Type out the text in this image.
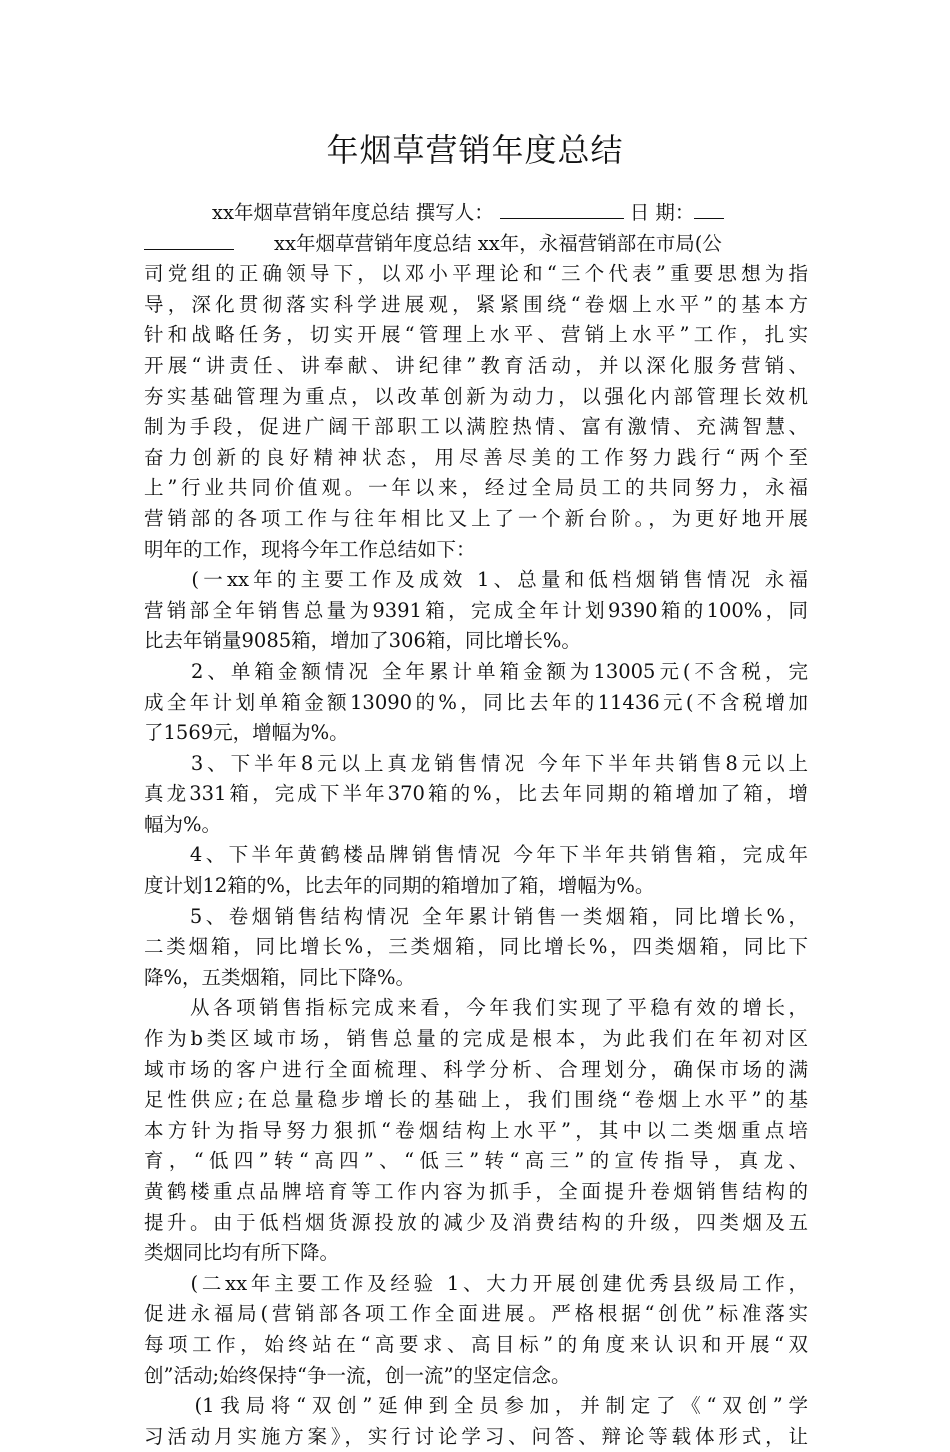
年烟草营销年度总结
xx年烟草营销年度总结 撰写人：	日 期：
xx年烟草营销年度总结 xx年，永福营销部在市局(公
司党组的正确领导下，以邓小平理论和“三个代表”重要思想为指
导，深化贯彻落实科学进展观，紧紧围绕“卷烟上水平”的基本方
针和战略任务，切实开展“管理上水平、营销上水平”工作，扎实
开展“讲责任、讲奉献、讲纪律”教育活动，并以深化服务营销、
夯实基础管理为重点，以改革创新为动力，以强化内部管理长效机
制为手段，促进广阔干部职工以满腔热情、富有激情、充满智慧、
奋力创新的良好精神状态，用尽善尽美的工作努力践行“两个至
上”行业共同价值观。一年以来，经过全局员工的共同努力，永福
营销部的各项工作与往年相比又上了一个新台阶。，为更好地开展
明年的工作，现将今年工作总结如下：
　　(一xx年的主要工作及成效 1、总量和低档烟销售情况 永福
营销部全年销售总量为9391箱，完成全年计划9390箱的100%，同
比去年销量9085箱，增加了306箱，同比增长%。
　　2、单箱金额情况 全年累计单箱金额为13005元(不含税，完
成全年计划单箱金额13090的%，同比去年的11436元(不含税增加
了1569元，增幅为%。
　　3、下半年8元以上真龙销售情况 今年下半年共销售8元以上
真龙331箱，完成下半年370箱的%，比去年同期的箱增加了箱，增
幅为%。
　　4、下半年黄鹤楼品牌销售情况 今年下半年共销售箱，完成年
度计划12箱的%，比去年的同期的箱增加了箱，增幅为%。
　　5、卷烟销售结构情况 全年累计销售一类烟箱，同比增长%，
二类烟箱，同比增长%，三类烟箱，同比增长%，四类烟箱，同比下
降%，五类烟箱，同比下降%。
　　从各项销售指标完成来看，今年我们实现了平稳有效的增长，
作为b类区域市场，销售总量的完成是根本，为此我们在年初对区
域市场的客户进行全面梳理、科学分析、合理划分，确保市场的满
足性供应;在总量稳步增长的基础上，我们围绕“卷烟上水平”的基
本方针为指导努力狠抓“卷烟结构上水平”，其中以二类烟重点培
育，“低四”转“高四”、“低三”转“高三”的宣传指导，真龙、
黄鹤楼重点品牌培育等工作内容为抓手，全面提升卷烟销售结构的
提升。由于低档烟货源投放的减少及消费结构的升级，四类烟及五
类烟同比均有所下降。
　　(二xx年主要工作及经验 1、大力开展创建优秀县级局工作，
促进永福局(营销部各项工作全面进展。严格根据“创优”标准落实
每项工作，始终站在“高要求、高目标”的角度来认识和开展“双
创”活动;始终保持“争一流，创一流”的坚定信念。
　　(1我局将“双创”延伸到全员参加，并制定了《“双创”学
习活动月实施方案》，实行讨论学习、问答、辩论等载体形式，让
